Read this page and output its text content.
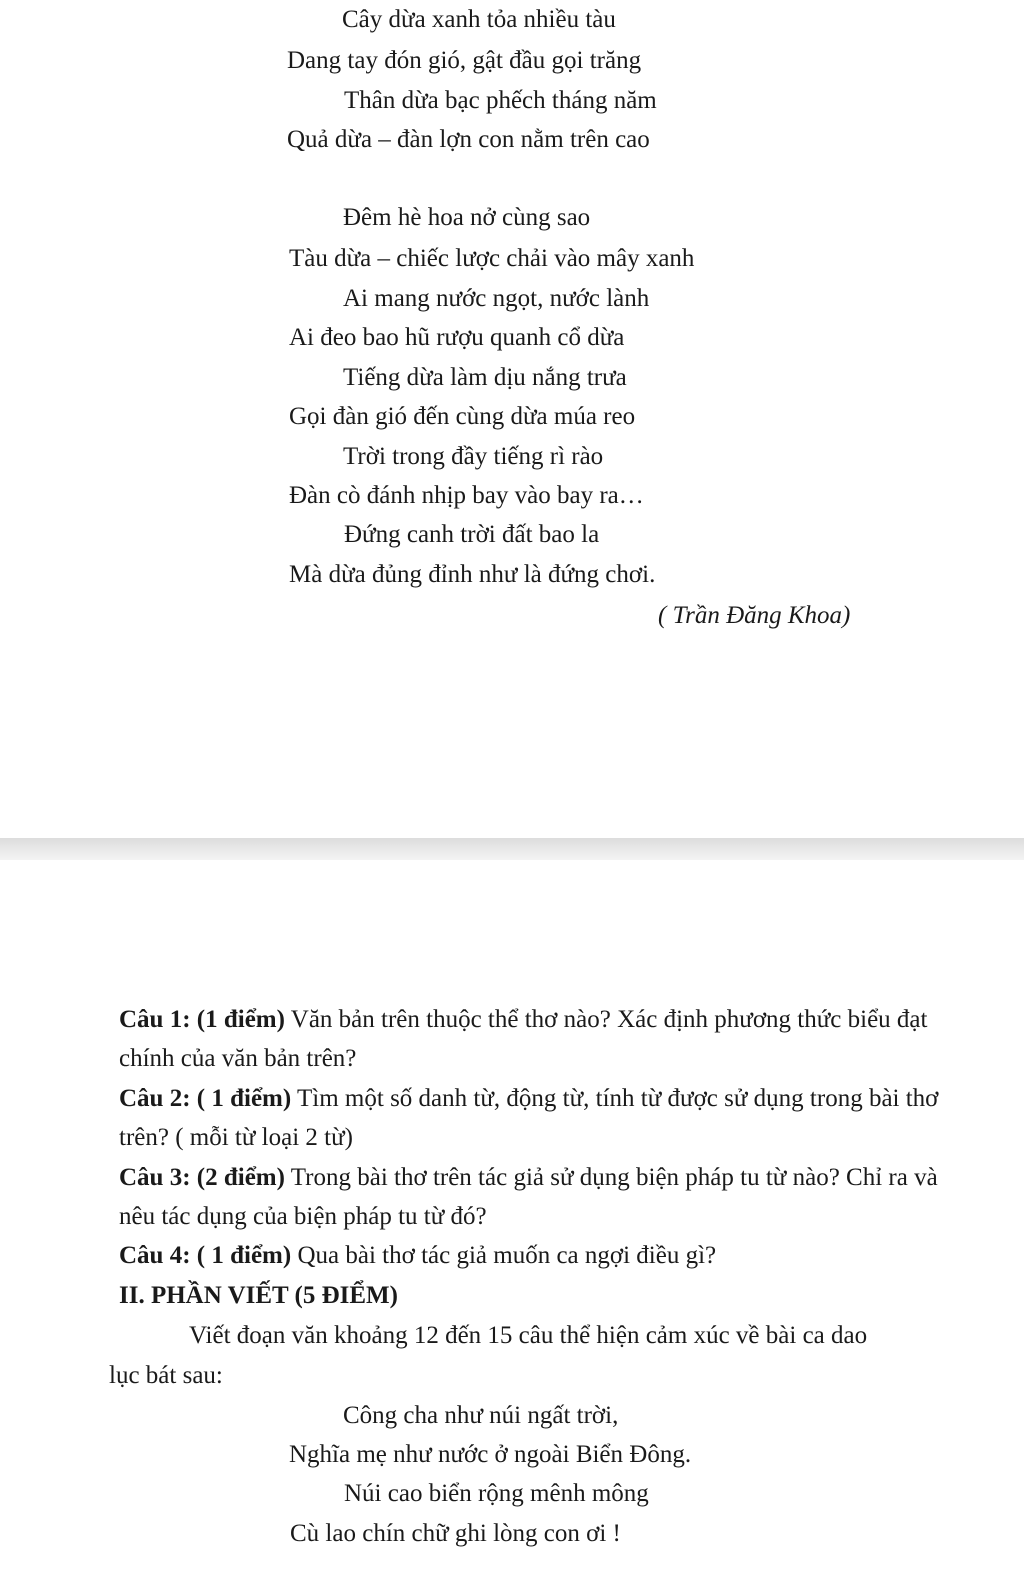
Cây dừa xanh tỏa nhiều tàu
Dang tay đón gió, gật đầu gọi trăng
Thân dừa bạc phếch tháng năm
Quả dừa – đàn lợn con nằm trên cao
Đêm hè hoa nở cùng sao
Tàu dừa – chiếc lược chải vào mây xanh
Ai mang nước ngọt, nước lành
Ai đeo bao hũ rượu quanh cổ dừa
Tiếng dừa làm dịu nắng trưa
Gọi đàn gió đến cùng dừa múa reo
Trời trong đầy tiếng rì rào
Đàn cò đánh nhịp bay vào bay ra…
Đứng canh trời đất bao la
Mà dừa đủng đỉnh như là đứng chơi.
( Trần Đăng Khoa)
Câu 1: (1 điểm) Văn bản trên thuộc thể thơ nào? Xác định phương thức biểu đạt
chính của văn bản trên?
Câu 2: ( 1 điểm) Tìm một số danh từ, động từ, tính từ được sử dụng trong bài thơ
trên? ( mỗi từ loại 2 từ)
Câu 3: (2 điểm) Trong bài thơ trên tác giả sử dụng biện pháp tu từ nào? Chỉ ra và
nêu tác dụng của biện pháp tu từ đó?
Câu 4: ( 1 điểm) Qua bài thơ tác giả muốn ca ngợi điều gì?
II. PHẦN VIẾT (5 ĐIỂM)
Viết đoạn văn khoảng 12 đến 15 câu thể hiện cảm xúc về bài ca dao
lục bát sau:
Công cha như núi ngất trời,
Nghĩa mẹ như nước ở ngoài Biển Đông.
Núi cao biển rộng mênh mông
Cù lao chín chữ ghi lòng con ơi !
